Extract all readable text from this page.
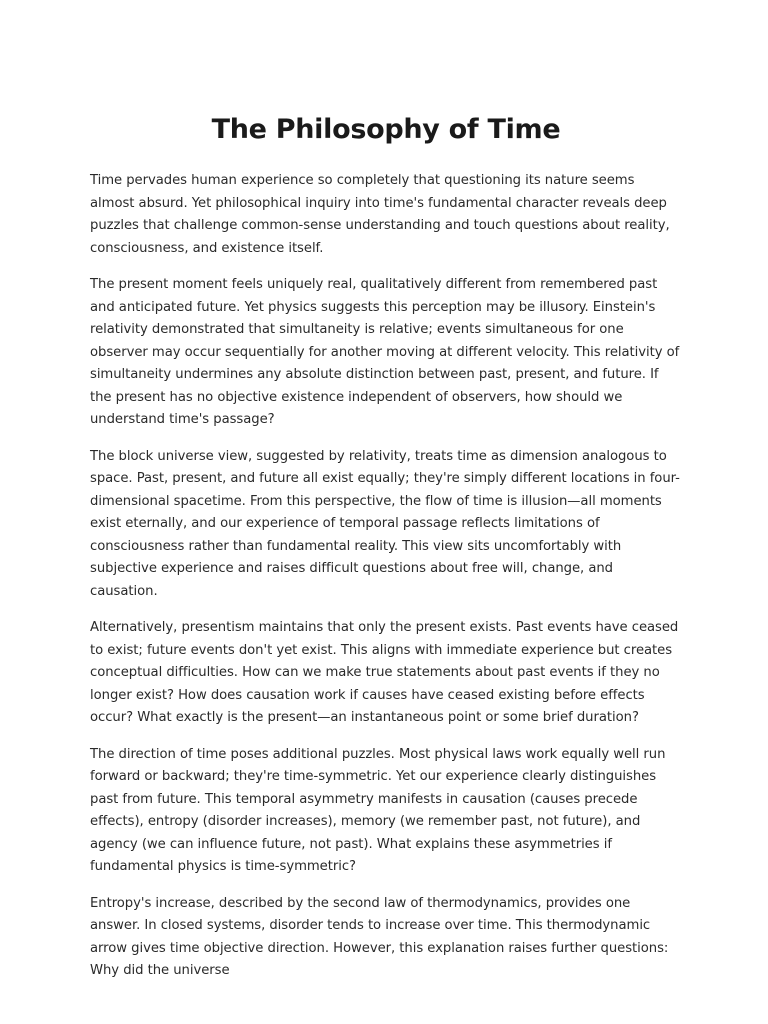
The Philosophy of Time

Time pervades human experience so completely that questioning its nature seems almost absurd. Yet philosophical inquiry into time's fundamental character reveals deep puzzles that challenge common-sense understanding and touch questions about reality, consciousness, and existence itself.

The present moment feels uniquely real, qualitatively different from remembered past and anticipated future. Yet physics suggests this perception may be illusory. Einstein's relativity demonstrated that simultaneity is relative; events simultaneous for one observer may occur sequentially for another moving at different velocity. This relativity of simultaneity undermines any absolute distinction between past, present, and future. If the present has no objective existence independent of observers, how should we understand time's passage?

The block universe view, suggested by relativity, treats time as dimension analogous to space. Past, present, and future all exist equally; they're simply different locations in four-dimensional spacetime. From this perspective, the flow of time is illusion—all moments exist eternally, and our experience of temporal passage reflects limitations of consciousness rather than fundamental reality. This view sits uncomfortably with subjective experience and raises difficult questions about free will, change, and causation.

Alternatively, presentism maintains that only the present exists. Past events have ceased to exist; future events don't yet exist. This aligns with immediate experience but creates conceptual difficulties. How can we make true statements about past events if they no longer exist? How does causation work if causes have ceased existing before effects occur? What exactly is the present—an instantaneous point or some brief duration?

The direction of time poses additional puzzles. Most physical laws work equally well run forward or backward; they're time-symmetric. Yet our experience clearly distinguishes past from future. This temporal asymmetry manifests in causation (causes precede effects), entropy (disorder increases), memory (we remember past, not future), and agency (we can influence future, not past). What explains these asymmetries if fundamental physics is time-symmetric?

Entropy's increase, described by the second law of thermodynamics, provides one answer. In closed systems, disorder tends to increase over time. This thermodynamic arrow gives time objective direction. However, this explanation raises further questions: Why did the universe
